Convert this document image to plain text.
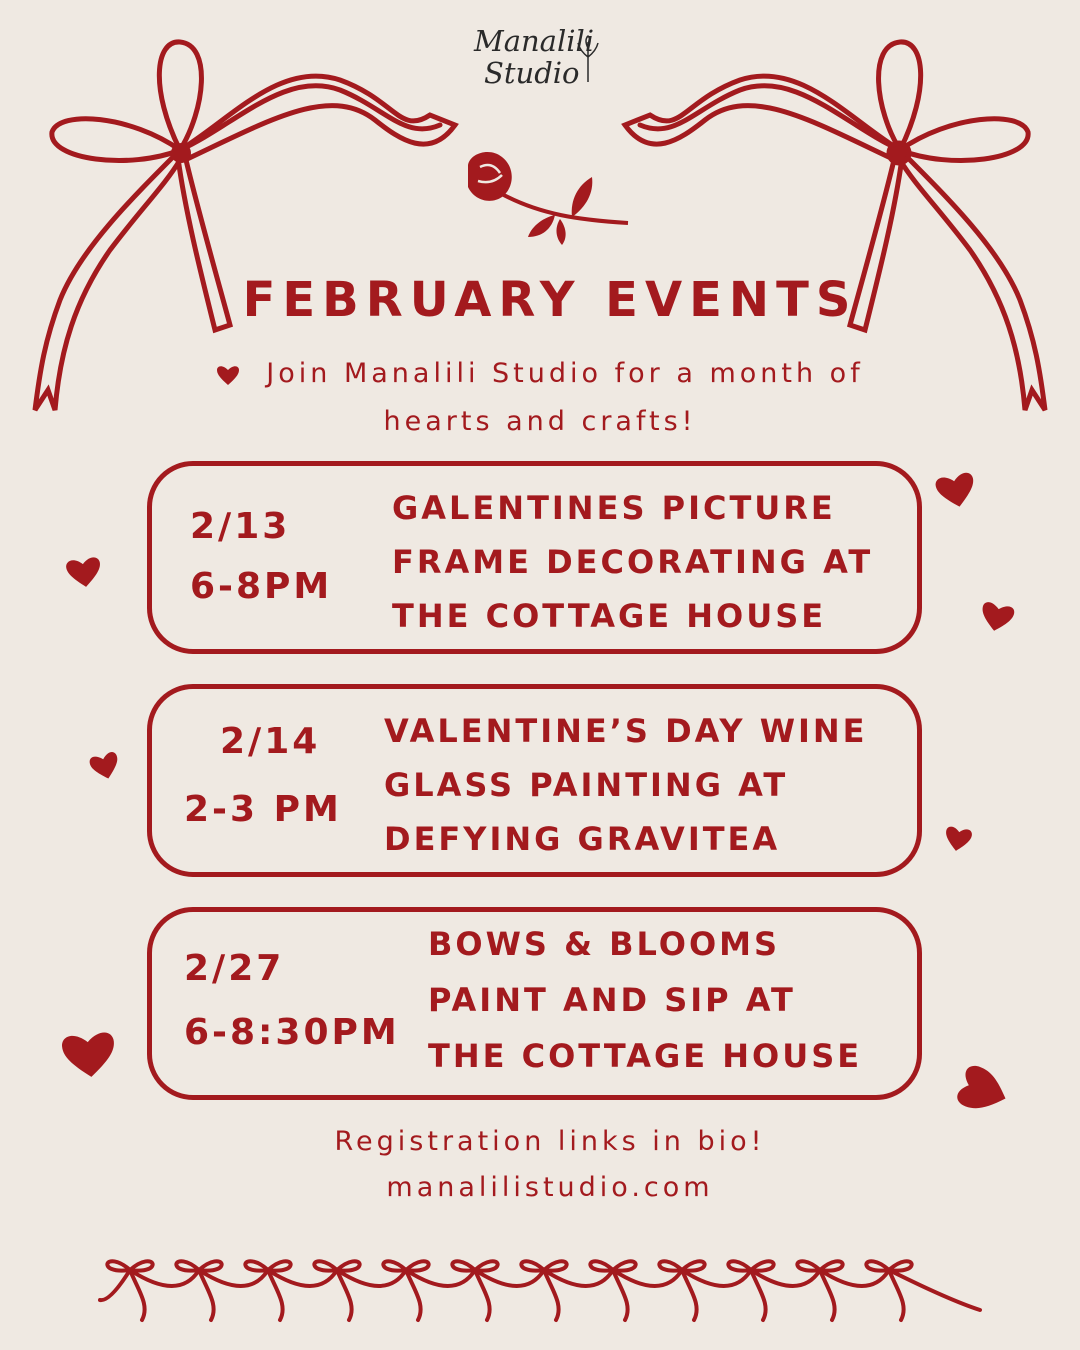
Manalili
Studio
FEBRUARY EVENTS
Join Manalili Studio for a month of
hearts and crafts!
2/13
6-8PM
GALENTINES PICTURE
FRAME DECORATING AT
THE COTTAGE HOUSE
2/14
2-3 PM
VALENTINE’S DAY WINE
GLASS PAINTING AT
DEFYING GRAVITEA
2/27
6-8:30PM
BOWS & BLOOMS
PAINT AND SIP AT
THE COTTAGE HOUSE
Registration links in bio!
manalilistudio.com
